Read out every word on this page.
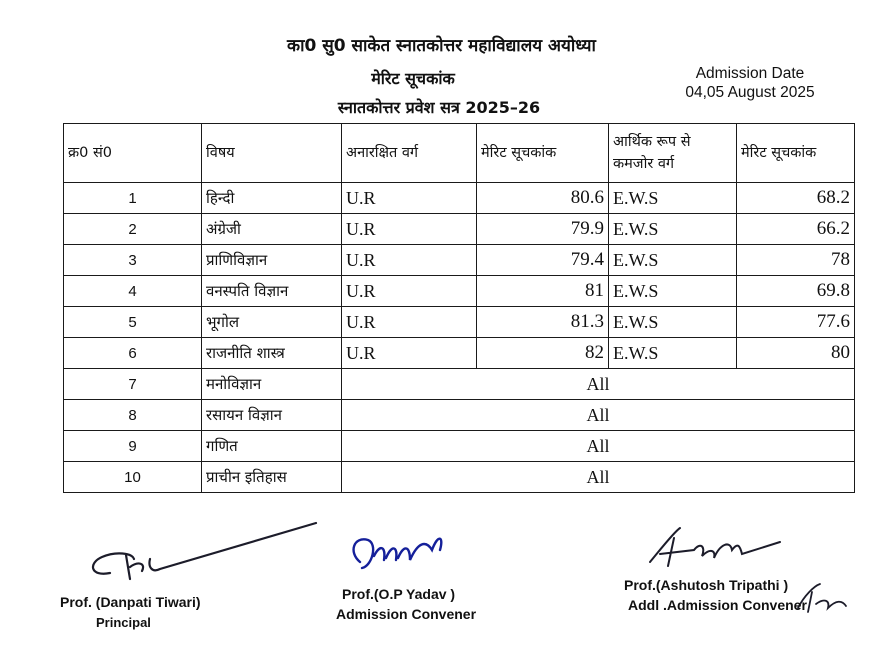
का0 सु0 साकेत स्नातकोत्तर महाविद्यालय अयोध्या
मेरिट सूचकांक
स्नातकोत्तर प्रवेश सत्र 2025–26
Admission Date
04,05 August 2025
क्र0 सं0	विषय	अनारक्षित वर्ग	मेरिट सूचकांक	आर्थिक रूप से कमजोर वर्ग	मेरिट सूचकांक
1	हिन्दी	U.R	80.6	E.W.S	68.2
2	अंग्रेजी	U.R	79.9	E.W.S	66.2
3	प्राणिविज्ञान	U.R	79.4	E.W.S	78
4	वनस्पति विज्ञान	U.R	81	E.W.S	69.8
5	भूगोल	U.R	81.3	E.W.S	77.6
6	राजनीति शास्त्र	U.R	82	E.W.S	80
7	मनोविज्ञान	All			
8	रसायन विज्ञान	All			
9	गणित	All			
10	प्राचीन इतिहास	All			
Prof. (Danpati Tiwari)
Principal
Prof.(O.P Yadav )
Admission Convener
Prof.(Ashutosh Tripathi )
Addl .Admission Convener
